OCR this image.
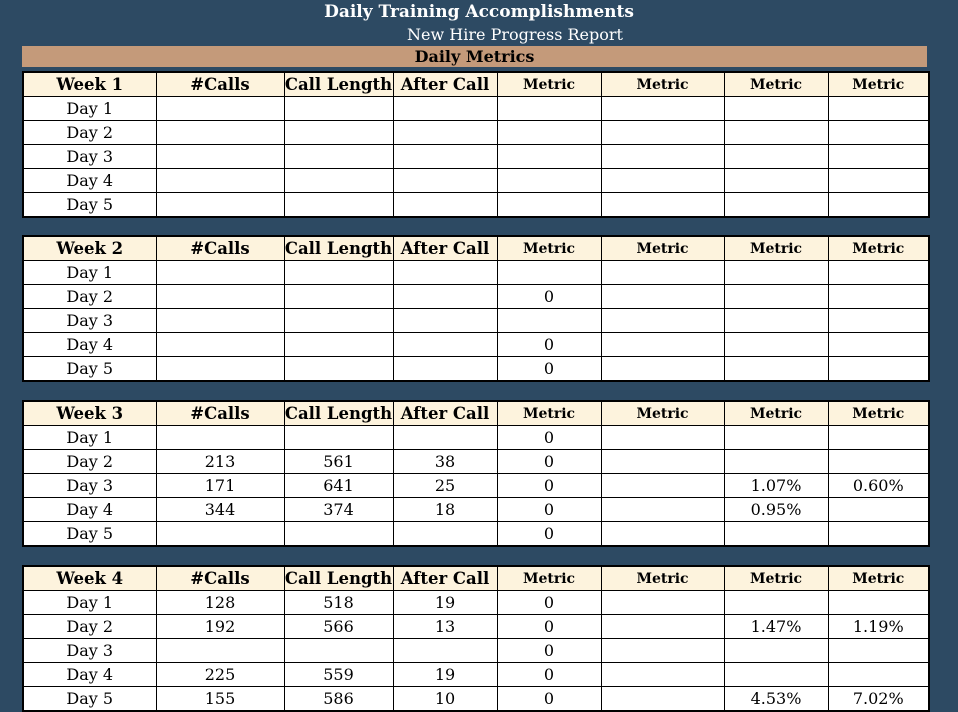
Daily Training Accomplishments
New Hire Progress Report
Daily Metrics
Week 1	#Calls	Call Length	After Call	Metric	Metric	Metric	Metric
Day 1							
Day 2							
Day 3							
Day 4							
Day 5							
Week 2	#Calls	Call Length	After Call	Metric	Metric	Metric	Metric
Day 1							
Day 2				0			
Day 3							
Day 4				0			
Day 5				0			
Week 3	#Calls	Call Length	After Call	Metric	Metric	Metric	Metric
Day 1				0			
Day 2	213	561	38	0			
Day 3	171	641	25	0		1.07%	0.60%
Day 4	344	374	18	0		0.95%	
Day 5				0			
Week 4	#Calls	Call Length	After Call	Metric	Metric	Metric	Metric
Day 1	128	518	19	0			
Day 2	192	566	13	0		1.47%	1.19%
Day 3				0			
Day 4	225	559	19	0			
Day 5	155	586	10	0		4.53%	7.02%
